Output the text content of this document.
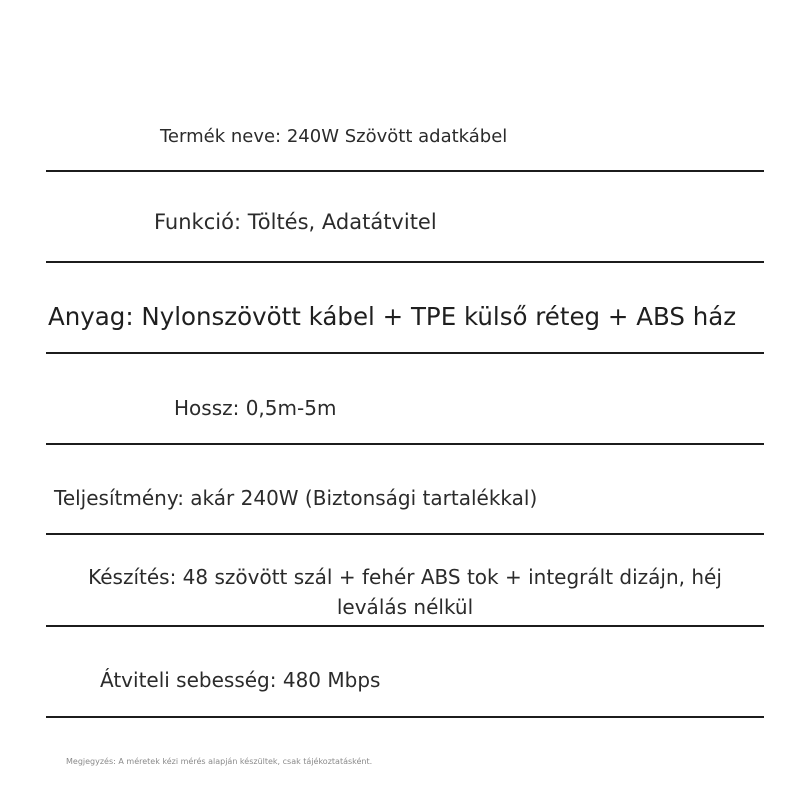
Termék neve: 240W Szövött adatkábel
Funkció: Töltés, Adatátvitel
Anyag: Nylonszövött kábel + TPE külső réteg + ABS ház
Hossz: 0,5m-5m
Teljesítmény: akár 240W (Biztonsági tartalékkal)
Készítés: 48 szövött szál + fehér ABS tok + integrált dizájn, héj leválás nélkül
Átviteli sebesség: 480 Mbps
Megjegyzés: A méretek kézi mérés alapján készültek, csak tájékoztatásként.
